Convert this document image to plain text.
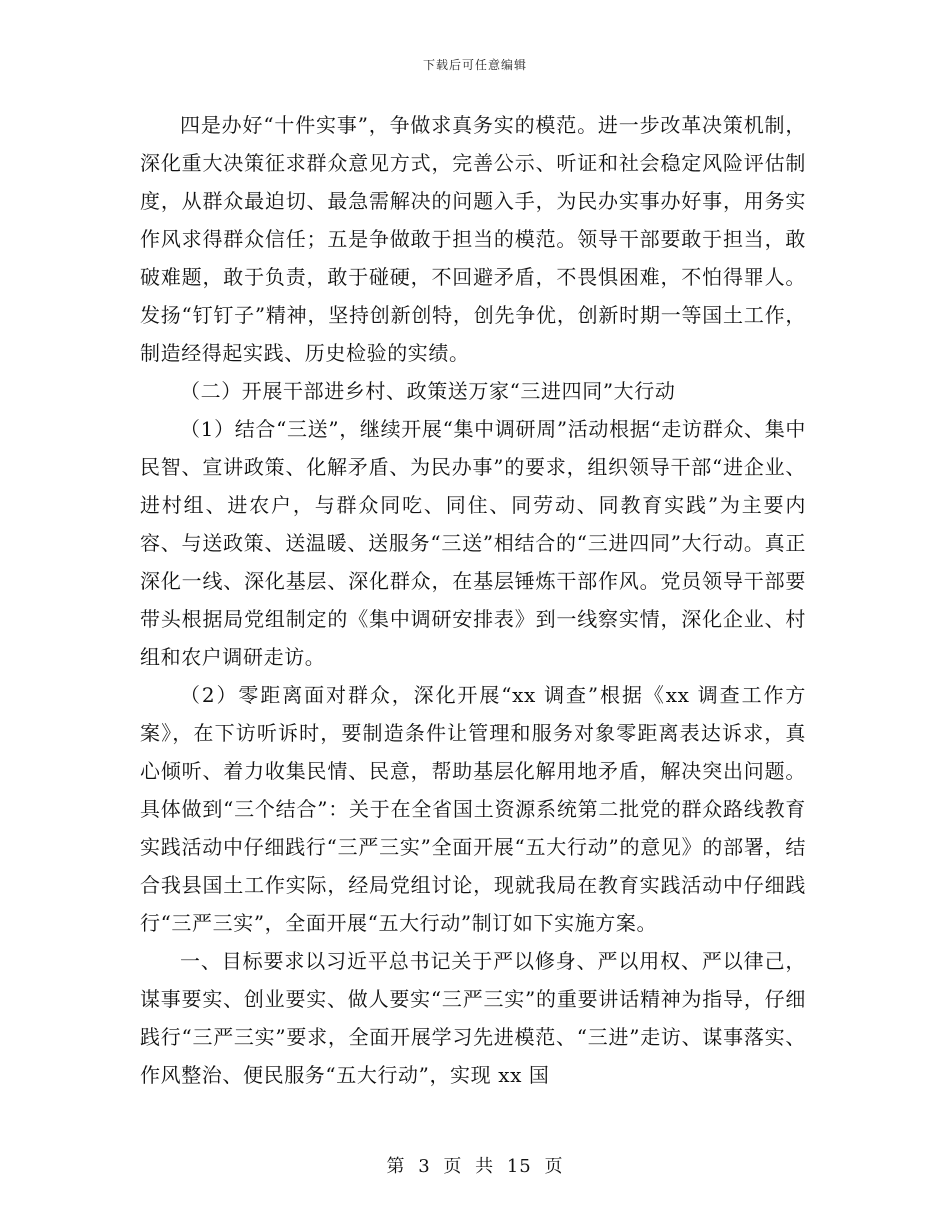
下载后可任意编辑

四是办好“十件实事”，争做求真务实的模范。进一步改革决策机制，深化重大决策征求群众意见方式，完善公示、听证和社会稳定风险评估制度，从群众最迫切、最急需解决的问题入手，为民办实事办好事，用务实作风求得群众信任；五是争做敢于担当的模范。领导干部要敢于担当，敢破难题，敢于负责，敢于碰硬，不回避矛盾，不畏惧困难，不怕得罪人。发扬“钉钉子”精神，坚持创新创特，创先争优，创新时期一等国土工作，制造经得起实践、历史检验的实绩。

（二）开展干部进乡村、政策送万家“三进四同”大行动

（1）结合“三送”，继续开展“集中调研周”活动根据“走访群众、集中民智、宣讲政策、化解矛盾、为民办事”的要求，组织领导干部“进企业、进村组、进农户，与群众同吃、同住、同劳动、同教育实践”为主要内容、与送政策、送温暖、送服务“三送”相结合的“三进四同”大行动。真正深化一线、深化基层、深化群众，在基层锤炼干部作风。党员领导干部要带头根据局党组制定的《集中调研安排表》到一线察实情，深化企业、村组和农户调研走访。

（2）零距离面对群众，深化开展“xx 调查”根据《xx 调查工作方案》，在下访听诉时，要制造条件让管理和服务对象零距离表达诉求，真心倾听、着力收集民情、民意，帮助基层化解用地矛盾，解决突出问题。具体做到“三个结合”：关于在全省国土资源系统第二批党的群众路线教育实践活动中仔细践行“三严三实”全面开展“五大行动”的意见》的部署，结合我县国土工作实际，经局党组讨论，现就我局在教育实践活动中仔细践行“三严三实”，全面开展“五大行动”制订如下实施方案。

一、目标要求以习近平总书记关于严以修身、严以用权、严以律己，谋事要实、创业要实、做人要实“三严三实”的重要讲话精神为指导，仔细践行“三严三实”要求，全面开展学习先进模范、“三进”走访、谋事落实、作风整治、便民服务“五大行动”，实现 xx 国

第 3 页 共 15 页
